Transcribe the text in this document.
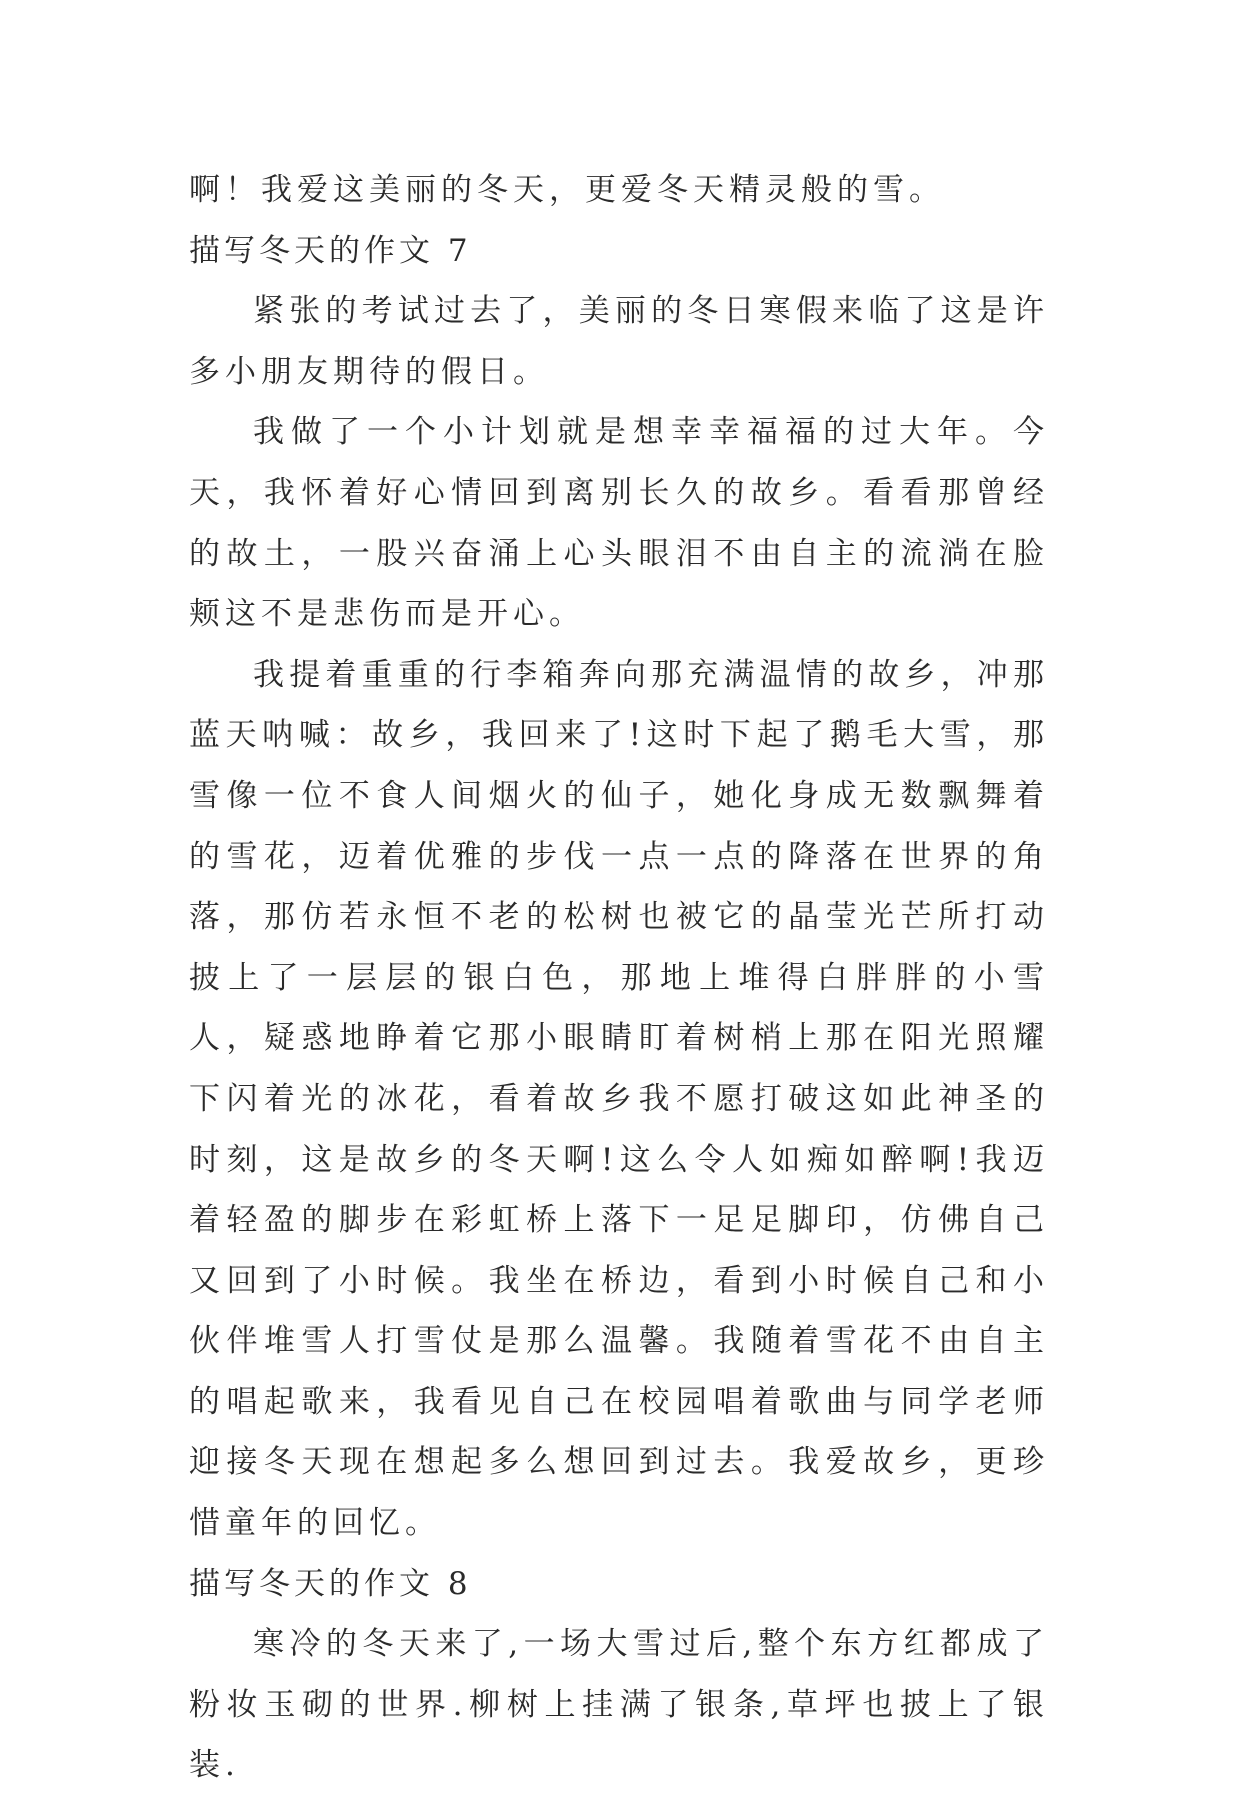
啊！我爱这美丽的冬天，更爱冬天精灵般的雪。

描写冬天的作文 7

紧张的考试过去了，美丽的冬日寒假来临了这是许多小朋友期待的假日。

我做了一个小计划就是想幸幸福福的过大年。今天，我怀着好心情回到离别长久的故乡。看看那曾经的故土，一股兴奋涌上心头眼泪不由自主的流淌在脸颊这不是悲伤而是开心。

我提着重重的行李箱奔向那充满温情的故乡，冲那蓝天呐喊：故乡，我回来了!这时下起了鹅毛大雪，那雪像一位不食人间烟火的仙子，她化身成无数飘舞着的雪花，迈着优雅的步伐一点一点的降落在世界的角落，那仿若永恒不老的松树也被它的晶莹光芒所打动披上了一层层的银白色，那地上堆得白胖胖的小雪人，疑惑地睁着它那小眼睛盯着树梢上那在阳光照耀下闪着光的冰花，看着故乡我不愿打破这如此神圣的时刻，这是故乡的冬天啊!这么令人如痴如醉啊!我迈着轻盈的脚步在彩虹桥上落下一足足脚印，仿佛自己又回到了小时候。我坐在桥边，看到小时候自己和小伙伴堆雪人打雪仗是那么温馨。我随着雪花不由自主的唱起歌来，我看见自己在校园唱着歌曲与同学老师迎接冬天现在想起多么想回到过去。我爱故乡，更珍惜童年的回忆。

描写冬天的作文 8

寒冷的冬天来了,一场大雪过后,整个东方红都成了粉妆玉砌的世界.柳树上挂满了银条,草坪也披上了银装.
